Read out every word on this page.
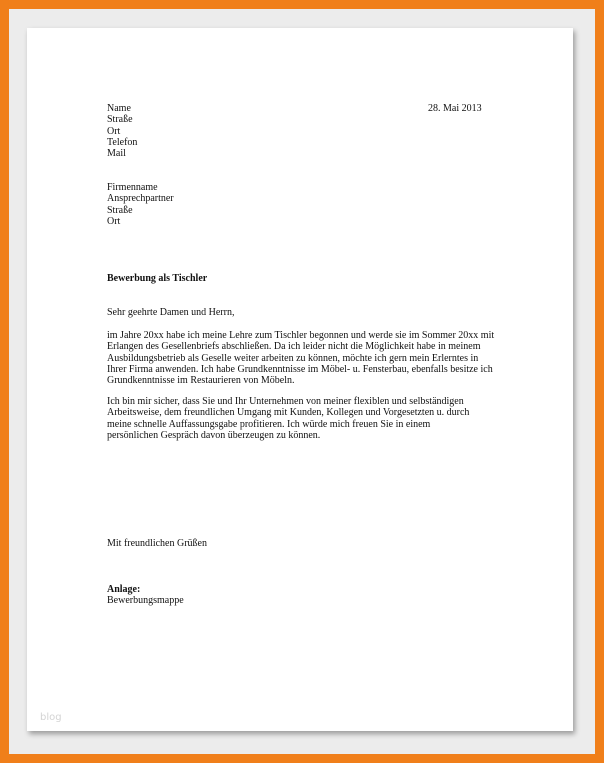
Name
Straße
Ort
Telefon
Mail
28. Mai 2013
Firmenname
Ansprechpartner
Straße
Ort
Bewerbung als Tischler
Sehr geehrte Damen und Herrn,
im Jahre 20xx habe ich meine Lehre zum Tischler begonnen und werde sie im Sommer 20xx mit
Erlangen des Gesellenbriefs abschließen. Da ich leider nicht die Möglichkeit habe in meinem
Ausbildungsbetrieb als Geselle weiter arbeiten zu können, möchte ich gern mein Erlerntes in
Ihrer Firma anwenden. Ich habe Grundkenntnisse im Möbel- u. Fensterbau, ebenfalls besitze ich
Grundkenntnisse im Restaurieren von Möbeln.
Ich bin mir sicher, dass Sie und Ihr Unternehmen von meiner flexiblen und selbständigen
Arbeitsweise, dem freundlichen Umgang mit Kunden, Kollegen und Vorgesetzten u. durch
meine schnelle Auffassungsgabe profitieren. Ich würde mich freuen Sie in einem
persönlichen Gespräch davon überzeugen zu können.
Mit freundlichen Grüßen
Anlage:
Bewerbungsmappe
blog
